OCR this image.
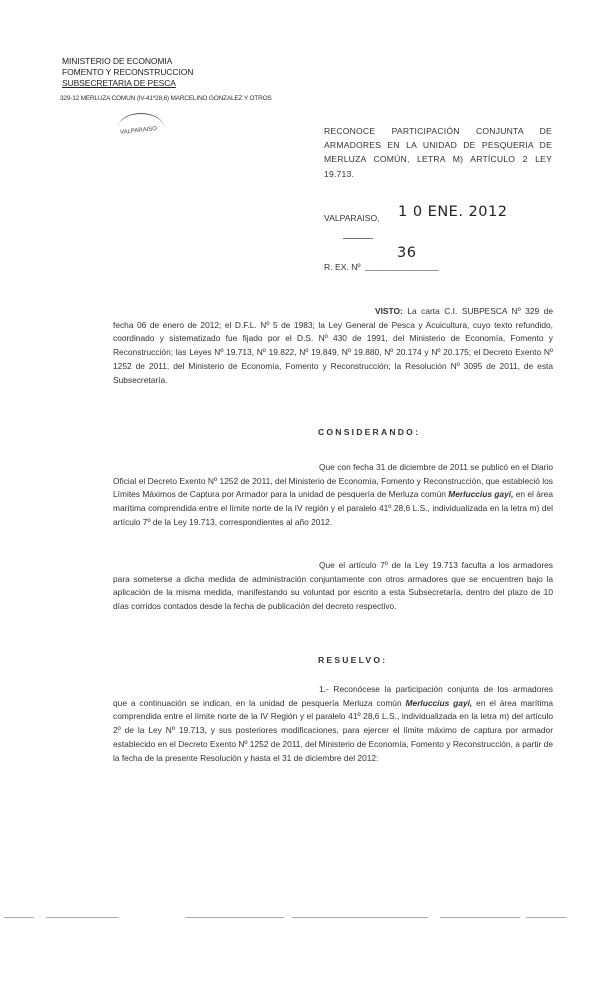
MINISTERIO DE ECONOMIA
FOMENTO Y RECONSTRUCCION
SUBSECRETARIA DE PESCA
329-12 MERLUZA COMUN (IV-41º28,6) MARCELINO GONZALEZ Y OTROS
VALPARAISO	RECONOCE PARTICIPACIÓN CONJUNTA DE ARMADORES EN LA UNIDAD DE PESQUERIA DE MERLUZA COMÚN, LETRA M) ARTÍCULO 2 LEY 19.713.
VALPARAISO, 1 0 ENE. 2012
36
R. EX. Nº ______________
VISTO: La carta C.I. SUBPESCA Nº 329 de fecha 06 de enero de 2012; el D.F.L. Nº 5 de 1983; la Ley General de Pesca y Acuicultura, cuyo texto refundido, coordinado y sistematizado fue fijado por el D.S. Nº 430 de 1991, del Ministerio de Economía, Fomento y Reconstrucción; las Leyes Nº 19.713, Nº 19.822, Nº 19.849, Nº 19.880, Nº 20.174 y Nº 20.175; el Decreto Exento Nº 1252 de 2011, del Ministerio de Economía, Fomento y Reconstrucción; la Resolución Nº 3095 de 2011, de esta Subsecretaría.
CONSIDERANDO:
Que con fecha 31 de diciembre de 2011 se publicó en el Diario Oficial el Decreto Exento Nº 1252 de 2011, del Ministerio de Economía, Fomento y Reconstrucción, que estableció los Límites Máximos de Captura por Armador para la unidad de pesquería de Merluza común Merluccius gayi, en el área marítima comprendida entre el límite norte de la IV región y el paralelo 41º 28,6 L.S., individualizada en la letra m) del artículo 7º de la Ley 19.713, correspondientes al año 2012.
Que el artículo 7º de la Ley 19.713 faculta a los armadores para someterse a dicha medida de administración conjuntamente con otros armadores que se encuentren bajo la aplicación de la misma medida, manifestando su voluntad por escrito a esta Subsecretaría, dentro del plazo de 10 días corridos contados desde la fecha de publicación del decreto respectivo.
RESUELVO:
1.- Reconócese la participación conjunta de los armadores que a continuación se indican, en la unidad de pesquería Merluza común Merluccius gayi, en el área marítima comprendida entre el límite norte de la IV Región y el paralelo 41º 28,6 L.S., individualizada en la letra m) del artículo 2º de la Ley Nº 19.713, y sus posteriores modificaciones, para ejercer el límite máximo de captura por armador establecido en el Decreto Exento Nº 1252 de 2011, del Ministerio de Economía, Fomento y Reconstrucción, a partir de la fecha de la presente Resolución y hasta el 31 de diciembre del 2012:
